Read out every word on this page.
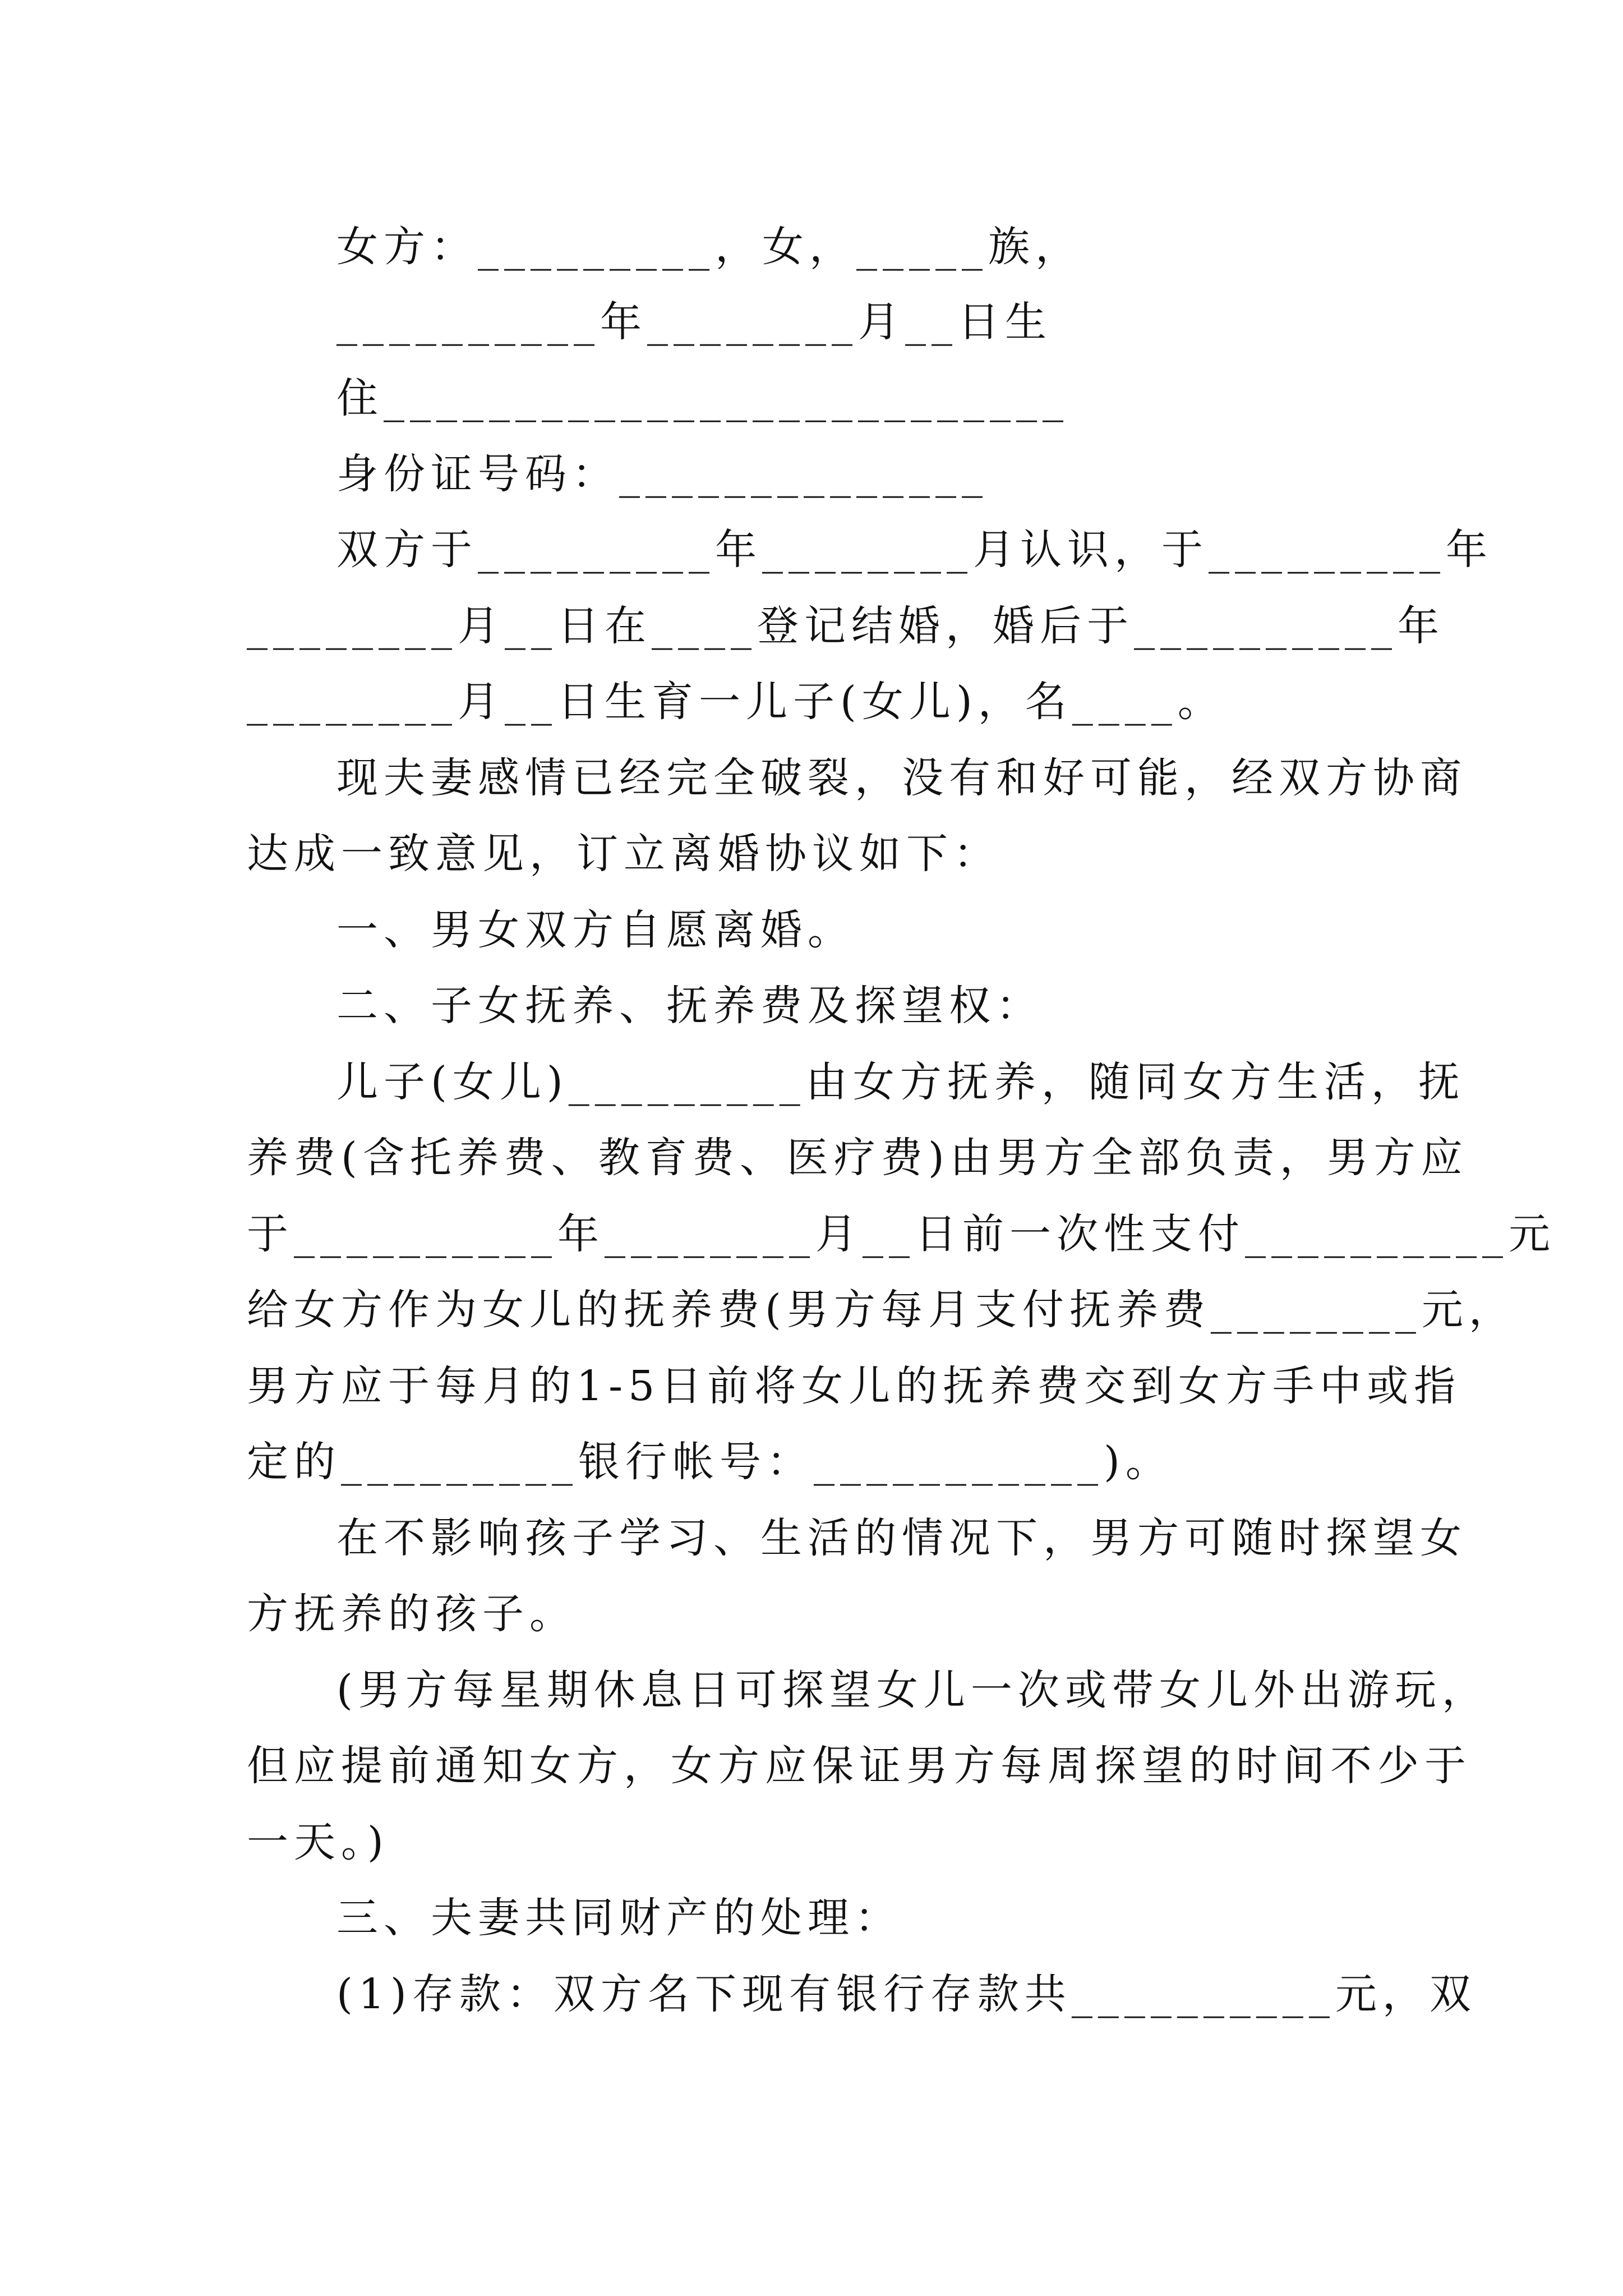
女方：_________，女，_____族，
__________年________月__日生
住__________________________
身份证号码：______________
双方于_________年________月认识，于_________年
________月__日在____登记结婚，婚后于__________年
________月__日生育一儿子(女儿)，名____。
现夫妻感情已经完全破裂，没有和好可能，经双方协商
达成一致意见，订立离婚协议如下：
一、男女双方自愿离婚。
二、子女抚养、抚养费及探望权：
儿子(女儿)_________由女方抚养，随同女方生活，抚
养费(含托养费、教育费、医疗费)由男方全部负责，男方应
于__________年________月__日前一次性支付__________元
给女方作为女儿的抚养费(男方每月支付抚养费________元，
男方应于每月的1-5日前将女儿的抚养费交到女方手中或指
定的_________银行帐号：___________)。
在不影响孩子学习、生活的情况下，男方可随时探望女
方抚养的孩子。
(男方每星期休息日可探望女儿一次或带女儿外出游玩，
但应提前通知女方，女方应保证男方每周探望的时间不少于
一天。)
三、夫妻共同财产的处理：
(1)存款：双方名下现有银行存款共__________元，双
